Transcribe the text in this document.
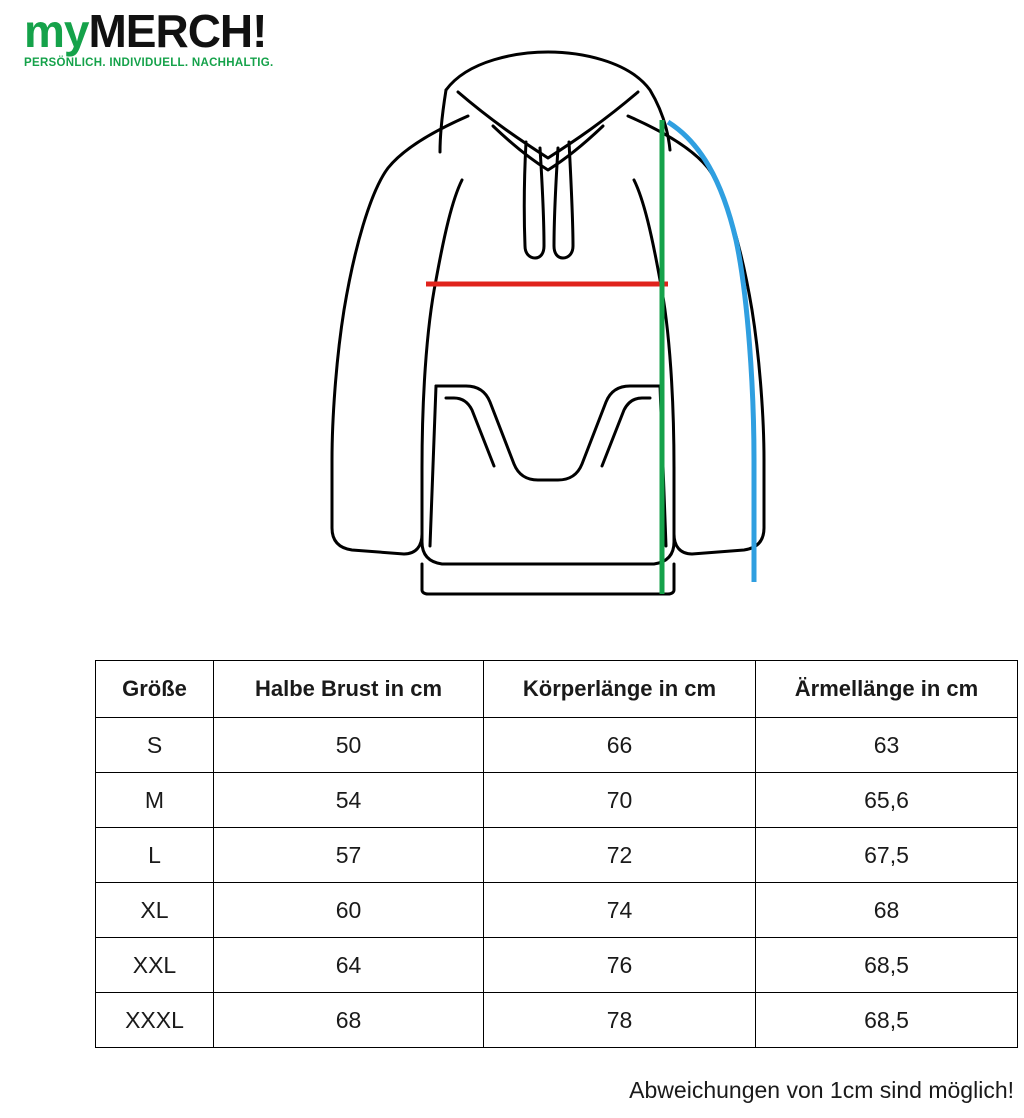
myMERCH!
PERSÖNLICH. INDIVIDUELL. NACHHALTIG.
Größe	Halbe Brust in cm	Körperlänge in cm	Ärmellänge in cm
S	50	66	63
M	54	70	65,6
L	57	72	67,5
XL	60	74	68
XXL	64	76	68,5
XXXL	68	78	68,5
Abweichungen von 1cm sind möglich!
